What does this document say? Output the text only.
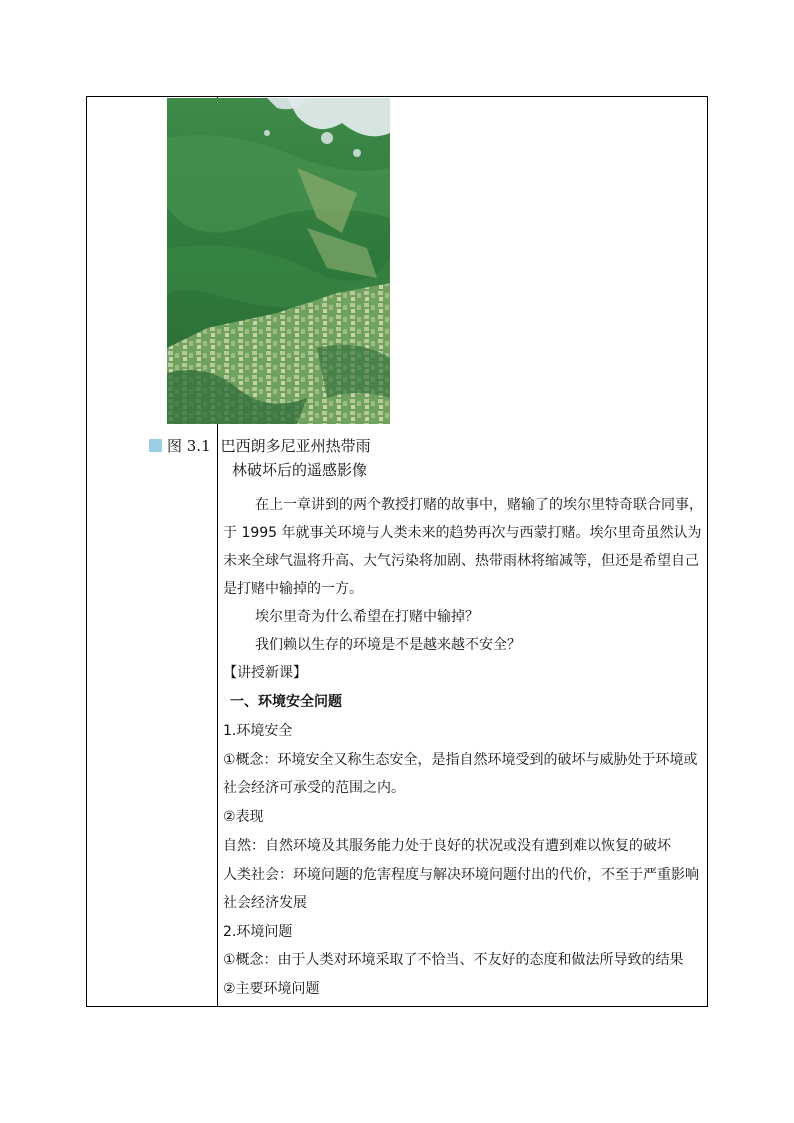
图 3.1 巴西朗多尼亚州热带雨
林破坏后的遥感影像
在上一章讲到的两个教授打赌的故事中，赌输了的埃尔里特奇联合同事，
于 1995 年就事关环境与人类未来的趋势再次与西蒙打赌。埃尔里奇虽然认为
未来全球气温将升高、大气污染将加剧、热带雨林将缩减等，但还是希望自己
是打赌中输掉的一方。
埃尔里奇为什么希望在打赌中输掉？
我们赖以生存的环境是不是越来越不安全？
【讲授新课】
一、环境安全问题
1.环境安全
①概念：环境安全又称生态安全，是指自然环境受到的破坏与威胁处于环境或
社会经济可承受的范围之内。
②表现
自然：自然环境及其服务能力处于良好的状况或没有遭到难以恢复的破坏
人类社会：环境问题的危害程度与解决环境问题付出的代价，不至于严重影响
社会经济发展
2.环境问题
①概念：由于人类对环境采取了不恰当、不友好的态度和做法所导致的结果
②主要环境问题
